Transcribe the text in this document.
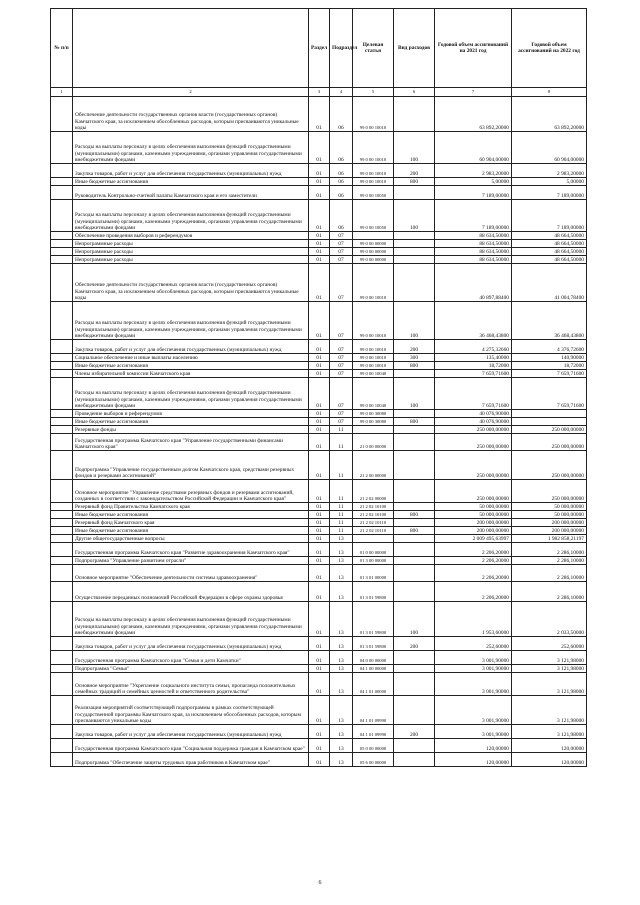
№ п/п		Раздел	Подраздел	Целевая статья	Вид расходов	Годовой объем ассигнований на 2021 год	Годовой объем ассигнований на 2022 год
1	2	3	4	5	6	7	8
	Обеспечение деятельности государственных органов власти (государственных органов) Камчатского края, за исключением обособленных расходов, которым присваиваются уникальные коды	01	06	99 0 00 10010		63 892,20000	63 892,20000
	Расходы на выплаты персоналу в целях обеспечения выполнения функций государственными (муниципальными) органами, казенными учреждениями, органами управления государственными внебюджетными фондами	01	06	99 0 00 10010	100	60 904,00000	60 904,00000
	Закупка товаров, работ и услуг для обеспечения государственных (муниципальных) нужд	01	06	99 0 00 10010	200	2 983,20000	2 983,20000
	Иные бюджетные ассигнования	01	06	99 0 00 10010	800	5,00000	5,00000
	Руководитель Контрольно-счетной палаты Камчатского края и его заместители	01	06	99 0 00 10050		7 189,00000	7 189,00000
	Расходы на выплаты персоналу в целях обеспечения выполнения функций государственными (муниципальными) органами, казенными учреждениями, органами управления государственными внебюджетными фондами	01	06	99 0 00 10050	100	7 189,00000	7 189,00000
	Обеспечение проведения выборов и референдумов	01	07			88 634,50000	48 664,50000
	Непрограммные расходы	01	07	99 0 00 00000		88 634,50000	48 664,50000
	Непрограммные расходы	01	07	99 0 00 00000		88 634,50000	48 664,50000
	Непрограммные расходы	01	07	99 0 00 00000		88 634,50000	48 664,50000
	Обеспечение деятельности государственных органов власти (государственных органов) Камчатского края, за исключением обособленных расходов, которым присваиваются уникальные коды	01	07	99 0 00 10010		40 897,88400	41 004,78400
	Расходы на выплаты персоналу в целях обеспечения выполнения функций государственными (муниципальными) органами, казенными учреждениями, органами управления государственными внебюджетными фондами	01	07	99 0 00 10010	100	36 468,43800	36 468,43800
	Закупка товаров, работ и услуг для обеспечения государственных (муниципальных) нужд	01	07	99 0 00 10010	200	4 275,32660	4 376,72600
	Социальное обеспечение и иные выплаты населению	01	07	99 0 00 10010	300	135,40000	140,90000
	Иные бюджетные ассигнования	01	07	99 0 00 10010	800	18,72000	18,72000
	Члены избирательной комиссии Камчатского края	01	07	99 0 00 10040		7 659,71600	7 659,71600
	Расходы на выплаты персоналу в целях обеспечения выполнения функций государственными (муниципальными) органами, казенными учреждениями, органами управления государственными внебюджетными фондами	01	07	99 0 00 10040	100	7 659,71600	7 659,71600
	Проведение выборов и референдумов	01	07	99 0 00 30080		40 076,90000	
	Иные бюджетные ассигнования	01	07	99 0 00 30080	800	40 076,90000	
	Резервные фонды	01	11			250 000,00000	250 000,00000
	Государственная программа Камчатского края "Управление государственными финансами Камчатского края"	01	11	21 0 00 00000		250 000,00000	250 000,00000
	Подпрограмма "Управление государственным долгом Камчатского края, средствами резервных фондов и резервами ассигнований"	01	11	21 2 00 00000		250 000,00000	250 000,00000
	Основное мероприятие "Управление средствами резервных фондов и резервами ассигнований, созданных в соответствии с законодательством Российской Федерации и Камчатского края"	01	11	21 2 02 00000		250 000,00000	250 000,00000
	Резервный фонд Правительства Камчатского края	01	11	21 2 02 10100		50 000,00000	50 000,00000
	Иные бюджетные ассигнования	01	11	21 2 02 10100	800	50 000,00000	50 000,00000
	Резервный фонд Камчатского края	01	11	21 2 02 10110		200 000,00000	200 000,00000
	Иные бюджетные ассигнования	01	11	21 2 02 10110	800	200 000,00000	200 000,00000
	Другие общегосударственные вопросы	01	13			2 009 495,63997	1 982 858,21197
	Государственная программа Камчатского края "Развитие здравоохранения Камчатского края"	01	13	01 0 00 00000		2 206,20000	2 286,10000
	Подпрограмма "Управление развитием отрасли"	01	13	01 3 00 00000		2 206,20000	2 286,10000
	Основное мероприятие "Обеспечение деятельности системы здравоохранения"	01	13	01 3 01 00000		2 206,20000	2 286,10000
	Осуществление переданных полномочий Российской Федерации в сфере охраны здоровья	01	13	01 3 01 59800		2 206,20000	2 286,10000
	Расходы на выплаты персоналу в целях обеспечения выполнения функций государственными (муниципальными) органами, казенными учреждениями, органами управления государственными внебюджетными фондами	01	13	01 3 01 59800	100	1 953,60000	2 033,50000
	Закупка товаров, работ и услуг для обеспечения государственных (муниципальных) нужд	01	13	01 3 01 59800	200	252,60000	252,60000
	Государственная программа Камчатского края "Семья и дети Камчатки"	01	13	04 0 00 00000		3 001,90000	3 121,98000
	Подпрограмма "Семья"	01	13	04 1 00 00000		3 001,90000	3 121,98000
	Основное мероприятие "Укрепление социального института семьи, пропаганда положительных семейных традиций и семейных ценностей и ответственного родительства"	01	13	04 1 01 00000		3 001,90000	3 121,98000
	Реализация мероприятий соответствующей подпрограммы в рамках соответствующей государственной программы Камчатского края, за исключением обособленных расходов, которым присваиваются уникальные коды	01	13	04 1 01 09990		3 001,90000	3 121,98000
	Закупка товаров, работ и услуг для обеспечения государственных (муниципальных) нужд	01	13	04 1 01 09990	200	3 001,90000	3 121,98000
	Государственная программа Камчатского края "Социальная поддержка граждан в Камчатском крае"	01	13	05 0 00 00000		120,00000	120,00000
	Подпрограмма "Обеспечение защиты трудовых прав работников в Камчатском крае"	01	13	05 6 00 00000		120,00000	120,00000
6
